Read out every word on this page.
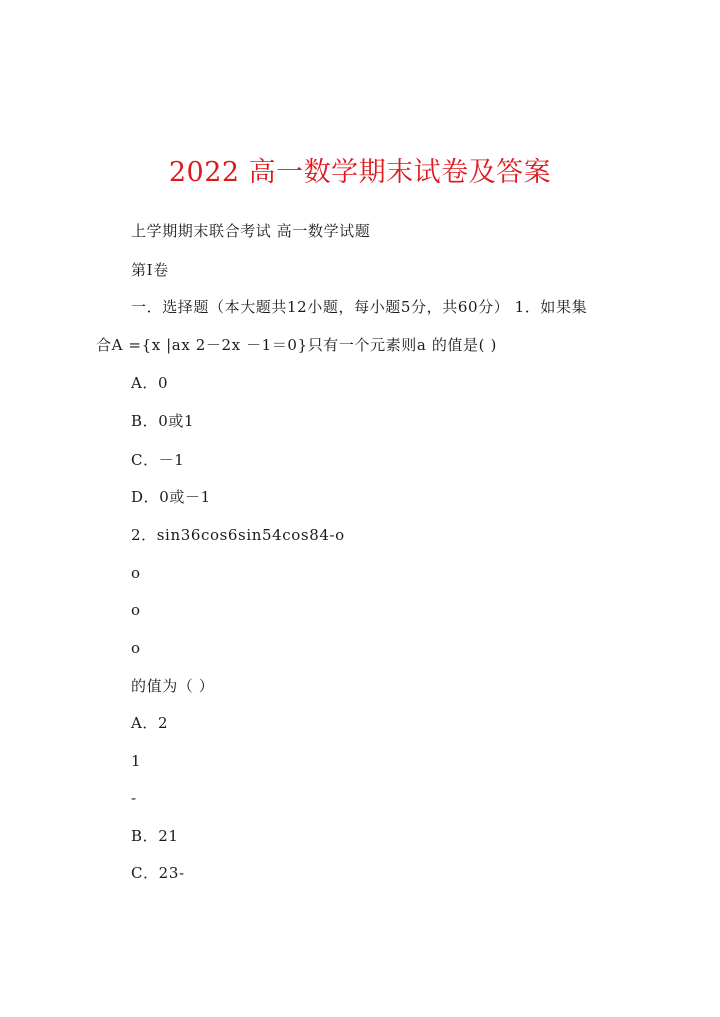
2022 高一数学期末试卷及答案
上学期期末联合考试 高一数学试题
第Ⅰ卷
一．选择题（本大题共12小题，每小题5分，共60分） 1．如果集
合A ={x |ax 2－2x －1＝0}只有一个元素则a 的值是( )
A．0
B．0或1
C．－1
D．0或－1
2．sin36cos6sin54cos84-o
o
o
o
的值为（ ）
A．2
1
-
B．21
C．23-
